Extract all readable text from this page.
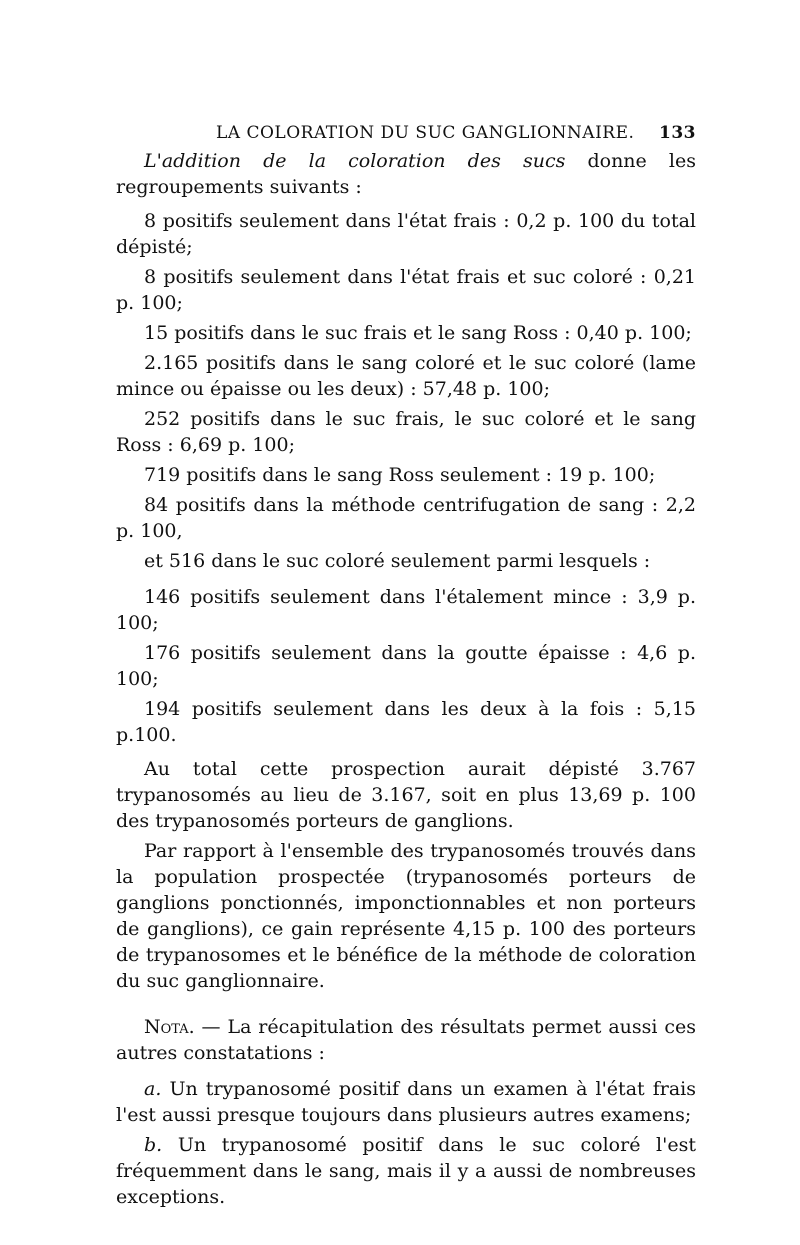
LA COLORATION DU SUC GANGLIONNAIRE. 133

L'addition de la coloration des sucs donne les regroupements suivants :

8 positifs seulement dans l'état frais : 0,2 p. 100 du total dépisté;

8 positifs seulement dans l'état frais et suc coloré : 0,21 p. 100;

15 positifs dans le suc frais et le sang Ross : 0,40 p. 100;

2.165 positifs dans le sang coloré et le suc coloré (lame mince ou épaisse ou les deux) : 57,48 p. 100;

252 positifs dans le suc frais, le suc coloré et le sang Ross : 6,69 p. 100;

719 positifs dans le sang Ross seulement : 19 p. 100;

84 positifs dans la méthode centrifugation de sang : 2,2 p. 100,

et 516 dans le suc coloré seulement parmi lesquels :

146 positifs seulement dans l'étalement mince : 3,9 p. 100;

176 positifs seulement dans la goutte épaisse : 4,6 p. 100;

194 positifs seulement dans les deux à la fois : 5,15 p.100.

Au total cette prospection aurait dépisté 3.767 trypanosomés au lieu de 3.167, soit en plus 13,69 p. 100 des trypanosomés porteurs de ganglions.

Par rapport à l'ensemble des trypanosomés trouvés dans la population prospectée (trypanosomés porteurs de ganglions ponctionnés, imponctionnables et non porteurs de ganglions), ce gain représente 4,15 p. 100 des porteurs de trypanosomes et le bénéfice de la méthode de coloration du suc ganglionnaire.

Nota. — La récapitulation des résultats permet aussi ces autres constatations :

a. Un trypanosomé positif dans un examen à l'état frais l'est aussi presque toujours dans plusieurs autres examens;

b. Un trypanosomé positif dans le suc coloré l'est fréquemment dans le sang, mais il y a aussi de nombreuses exceptions.
